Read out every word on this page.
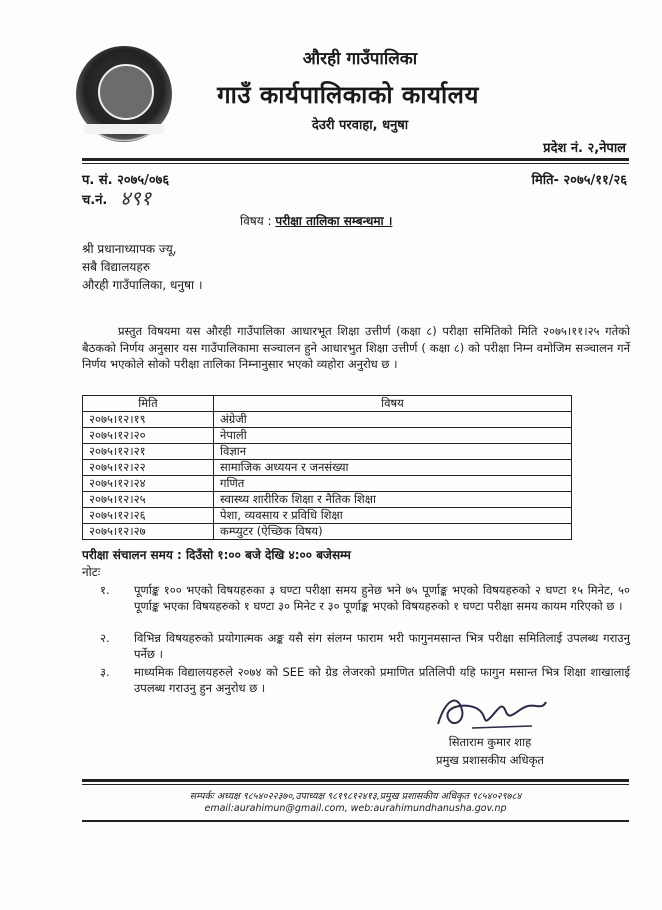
औरही गाउँपालिका
गाउँ कार्यपालिकाको कार्यालय
देउरी परवाहा, धनुषा
प्रदेश नं. २,नेपाल
प. सं. २०७५/०७६	मिति- २०७५/११/२६
च.नं. ४९१
विषय : परीक्षा तालिका सम्बन्धमा ।
श्री प्रधानाध्यापक ज्यू,
सबै विद्यालयहरु
औरही गाउँपालिका, धनुषा ।
प्रस्तुत विषयमा यस औरही गाउँपालिका आधारभूत शिक्षा उत्तीर्ण (कक्षा ८) परीक्षा समितिको मिति २०७५।११।२५ गतेको बैठकको निर्णय अनुसार यस गाउँपालिकामा सञ्चालन हुने आधारभुत शिक्षा उत्तीर्ण ( कक्षा ८) को परीक्षा निम्न वमोजिम सञ्चालन गर्ने निर्णय भएकोले सोको परीक्षा तालिका निम्नानुसार भएको व्यहोरा अनुरोध छ ।
मिति	विषय
२०७५।१२।१९	अंग्रेजी
२०७५।१२।२०	नेपाली
२०७५।१२।२१	विज्ञान
२०७५।१२।२२	सामाजिक अध्ययन र जनसंख्या
२०७५।१२।२४	गणित
२०७५।१२।२५	स्वास्थ्य शारीरिक शिक्षा र नैतिक शिक्षा
२०७५।१२।२६	पेशा, व्यवसाय र प्रविधि शिक्षा
२०७५।१२।२७	कम्प्युटर (ऐच्छिक विषय)
परीक्षा संचालन समय : दिउँसो १:०० बजे देखि ४:०० बजेसम्म
नोटः
१. पूर्णाङ्क १०० भएको विषयहरुका ३ घण्टा परीक्षा समय हुनेछ भने ७५ पूर्णाङ्क भएको विषयहरुको २ घण्टा १५ मिनेट, ५० पूर्णाङ्क भएका विषयहरुको १ घण्टा ३० मिनेट र ३० पूर्णाङ्क भएको विषयहरुको १ घण्टा परीक्षा समय कायम गरिएको छ ।
२. विभिन्न विषयहरुको प्रयोगात्मक अङ्क यसै संग संलग्न फाराम भरी फागुनमसान्त भित्र परीक्षा समितिलाई उपलब्ध गराउनु पर्नेछ ।
३. माध्यमिक विद्यालयहरुले २०७४ को SEE को ग्रेड लेजरको प्रमाणित प्रतिलिपी यहि फागुन मसान्त भित्र शिक्षा शाखालाई उपलब्ध गराउनु हुन अनुरोध छ ।
सिताराम कुमार शाह
प्रमुख प्रशासकीय अधिकृत
सम्पर्कः अध्यक्ष ९८५४०२२३७०,उपाध्यक्ष ९८१९८१२४१३,प्रमुख प्रशासकीय अधिकृत ९८५४०२९७८४
email:aurahimun@gmail.com, web:aurahimundhanusha.gov.np
